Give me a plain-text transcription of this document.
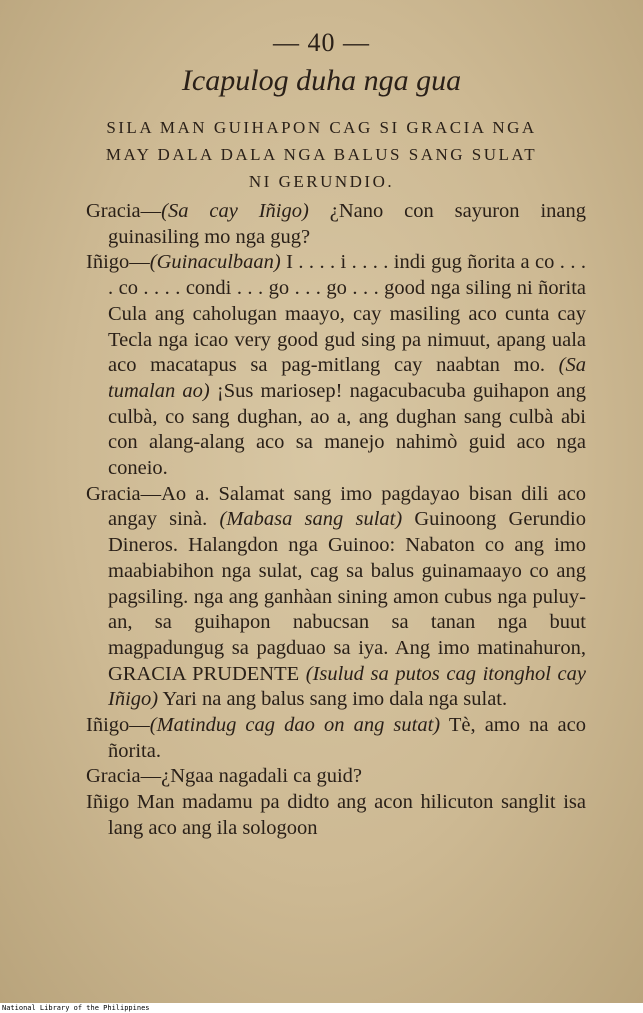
— 40 —
Icapulog duha nga gua
SILA MAN GUIHAPON CAG SI GRACIA NGA
MAY DALA DALA NGA BALUS SANG SULAT
NI GERUNDIO.

Gracia—(Sa cay Iñigo) ¿Nano con sayuron inang guinasiling mo nga gug?

Iñigo—(Guinaculbaan) I . . . . i . . . . indi gug ñorita a co . . . . co . . . . condi . . . go . . . go . . . good nga siling ni ñorita Cula ang caholugan maayo, cay masiling aco cunta cay Tecla nga icao very good gud sing pa nimuut, apang uala aco macatapus sa pag-mitlang cay naabtan mo. (Sa tumalan ao) ¡Sus mariosep! nagacubacuba guihapon ang culbà, co sang dughan, ao a, ang dughan sang culbà abi con alang-alang aco sa manejo nahimò guid aco nga coneio.

Gracia—Ao a. Salamat sang imo pagdayao bisan dili aco angay sinà. (Mabasa sang sulat) Guinoong Gerundio Dineros. Halangdon nga Guinoo: Nabaton co ang imo maabiabihon nga sulat, cag sa balus guinamaayo co ang pagsiling. nga ang ganhàan sining amon cubus nga puluy-an, sa guihapon nabucsan sa tanan nga buut magpadungug sa pagduao sa iya. Ang imo matinahuron, GRACIA PRUDENTE (Isulud sa putos cag itonghol cay Iñigo) Yari na ang balus sang imo dala nga sulat.

Iñigo—(Matindug cag dao on ang sutat) Tè, amo na aco ñorita.

Gracia—¿Ngaa nagadali ca guid?

Iñigo Man madamu pa didto ang acon hilicuton sanglit isa lang aco ang ila sologoon

National Library of the Philippines
